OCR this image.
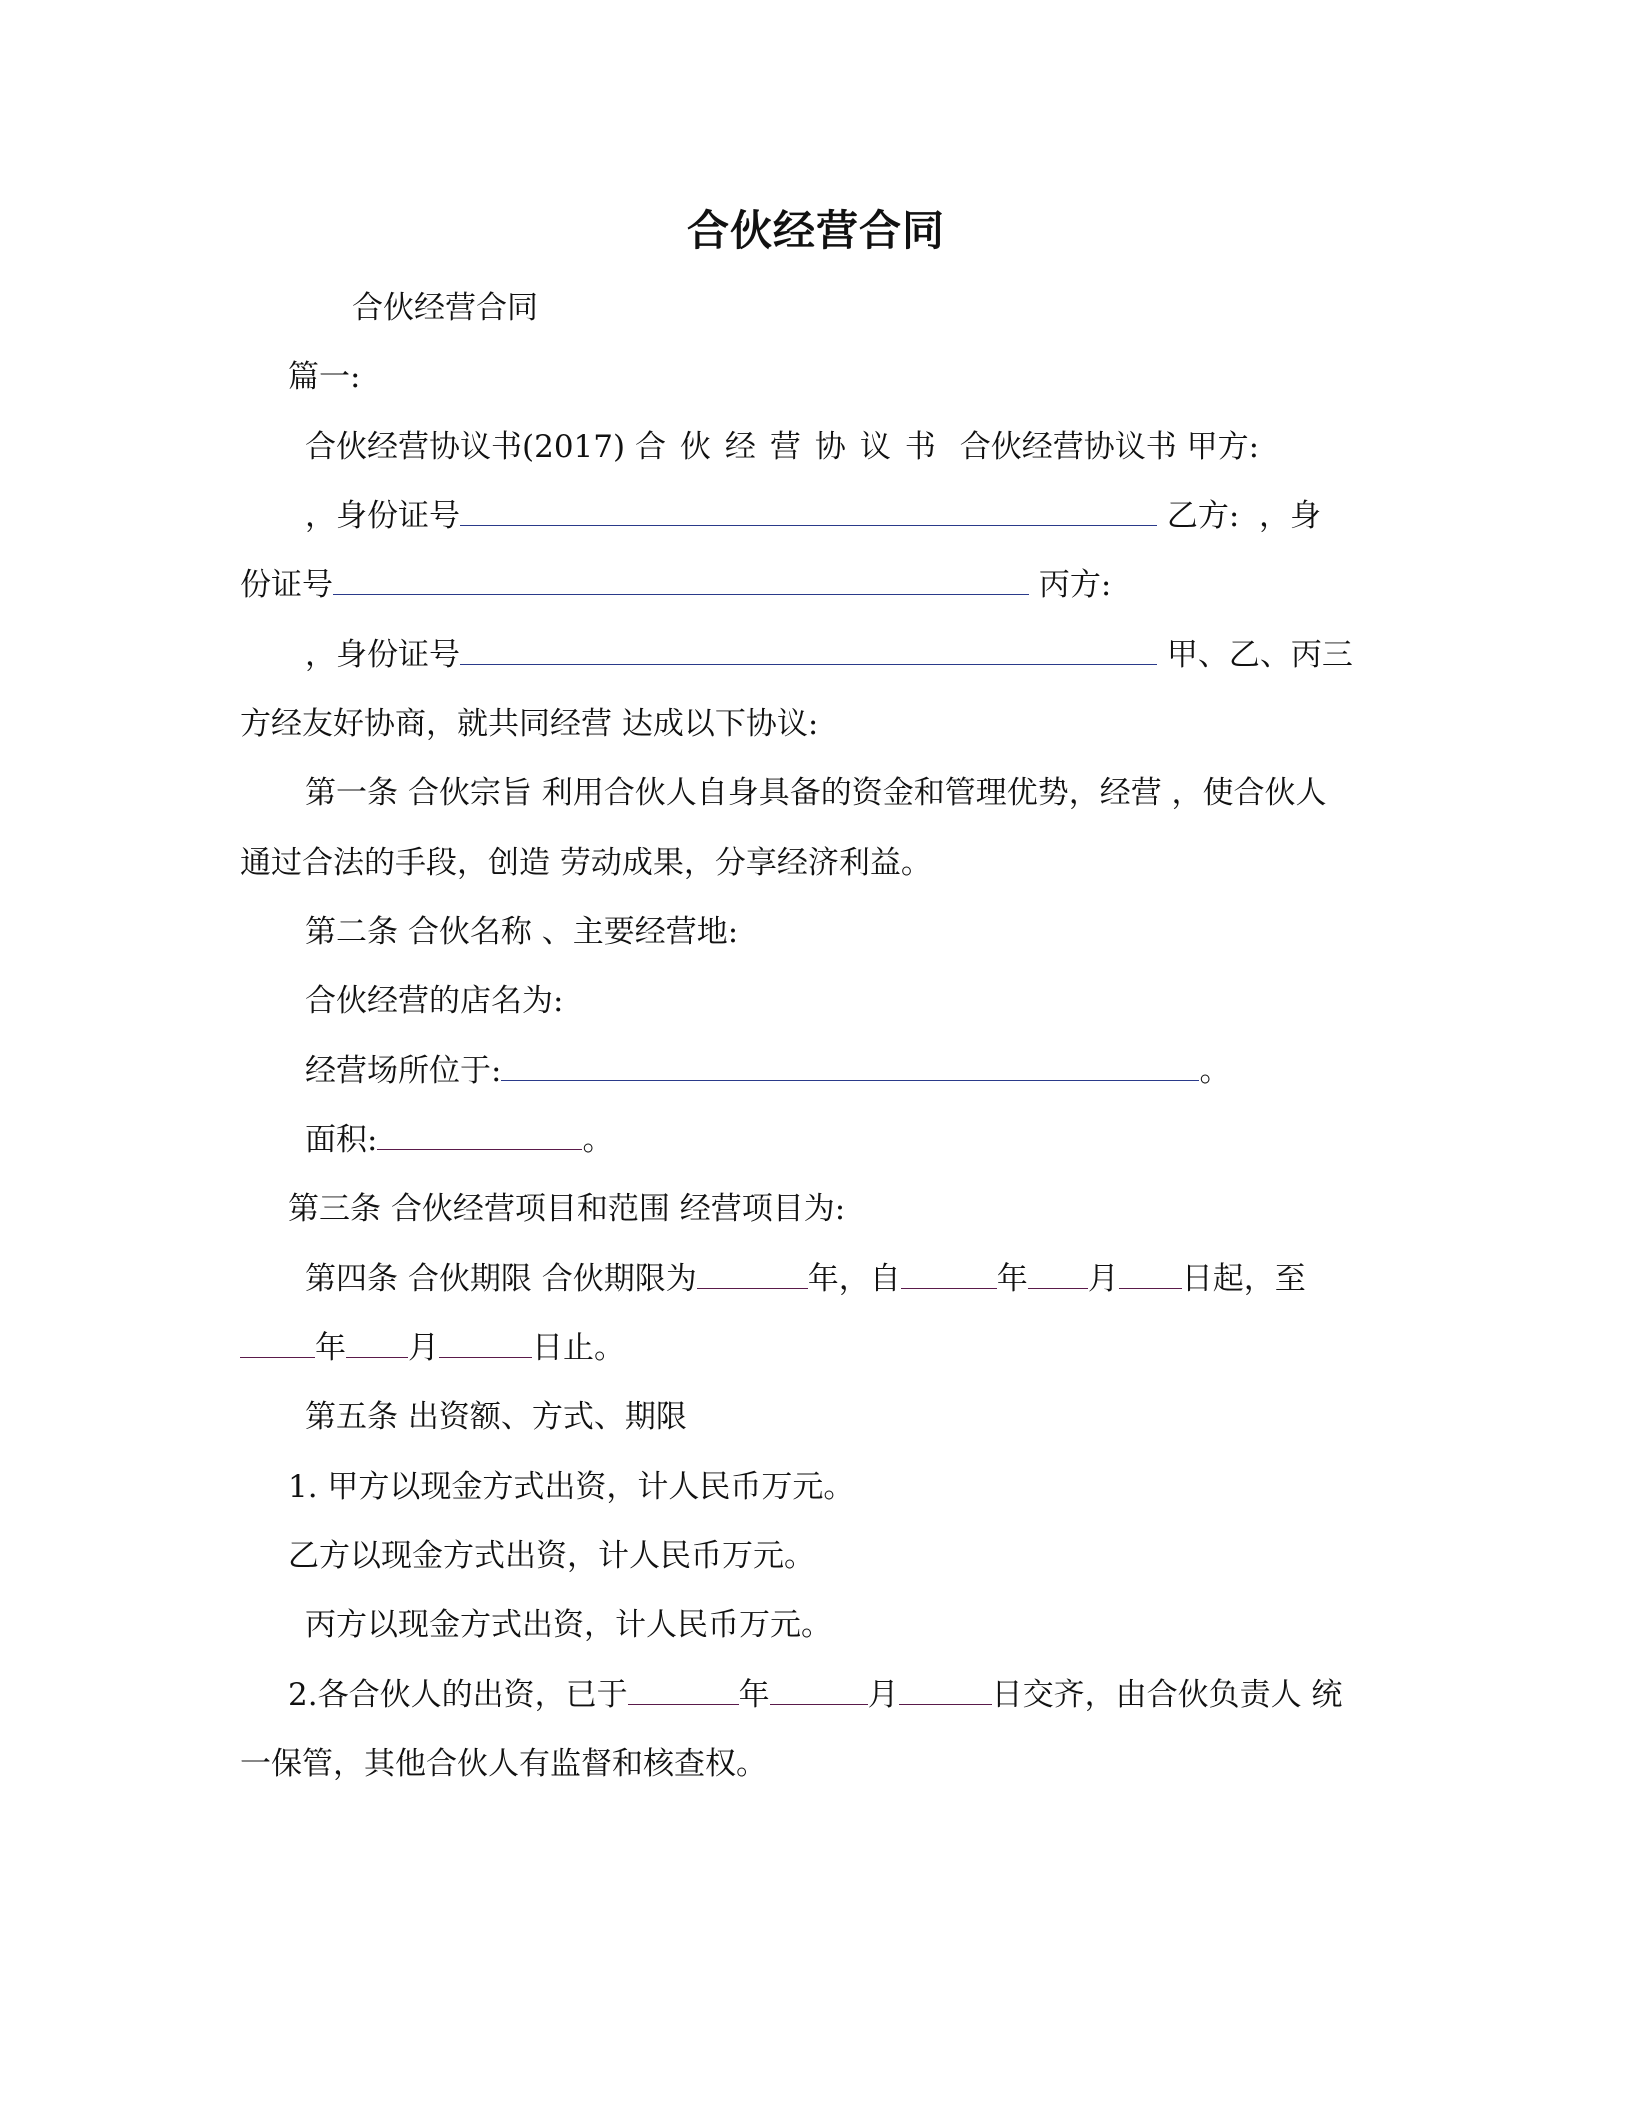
合伙经营合同
合伙经营合同
篇一:
合伙经营协议书(2017) 合伙经营协议书 合伙经营协议书 甲方:
，身份证号	乙方:  ，身
份证号	丙方:
，身份证号	甲、乙、丙三
方经友好协商，就共同经营 达成以下协议:
第一条 合伙宗旨 利用合伙人自身具备的资金和管理优势，经营 ，使合伙人
通过合法的手段，创造 劳动成果，分享经济利益。
第二条 合伙名称 、主要经营地:
合伙经营的店名为:
经营场所位于:	。
面积:	。
第三条 合伙经营项目和范围 经营项目为:
第四条 合伙期限 合伙期限为	年，自	年 月 日起，至
年 月	日止。
第五条 出资额、方式、期限
1. 甲方以现金方式出资，计人民币万元。
乙方以现金方式出资，计人民币万元。
丙方以现金方式出资，计人民币万元。
2.各合伙人的出资，已于	年	月	日交齐，由合伙负责人 统
一保管，其他合伙人有监督和核查权。
